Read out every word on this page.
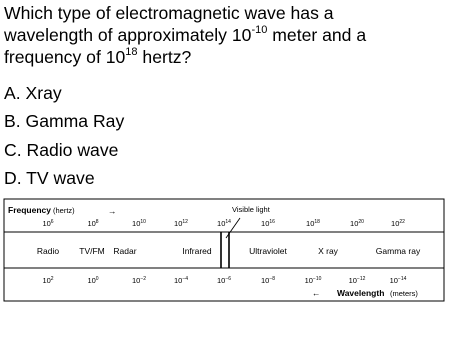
Which type of electromagnetic wave has a
wavelength of approximately $10^{-10}$ meter and a
frequency of $10^{18}$ hertz?
A. Xray
B. Gamma Ray
C. Radio wave
D. TV wave
Frequency (hertz)	→	Visible light
$10^6$	$10^8$	$10^{10}$	$10^{12}$	$10^{14}$	$10^{16}$	$10^{18}$	$10^{20}$	$10^{22}$
Radio TV/FM Radar	Infrared	Ultraviolet	X ray	Gamma ray
$10^2$	$10^0$	$10^{-2}$	$10^{-4}$	$10^{-6}$	$10^{-8}$	$10^{-10}$	$10^{-12}$	$10^{-14}$
← Wavelength (meters)
